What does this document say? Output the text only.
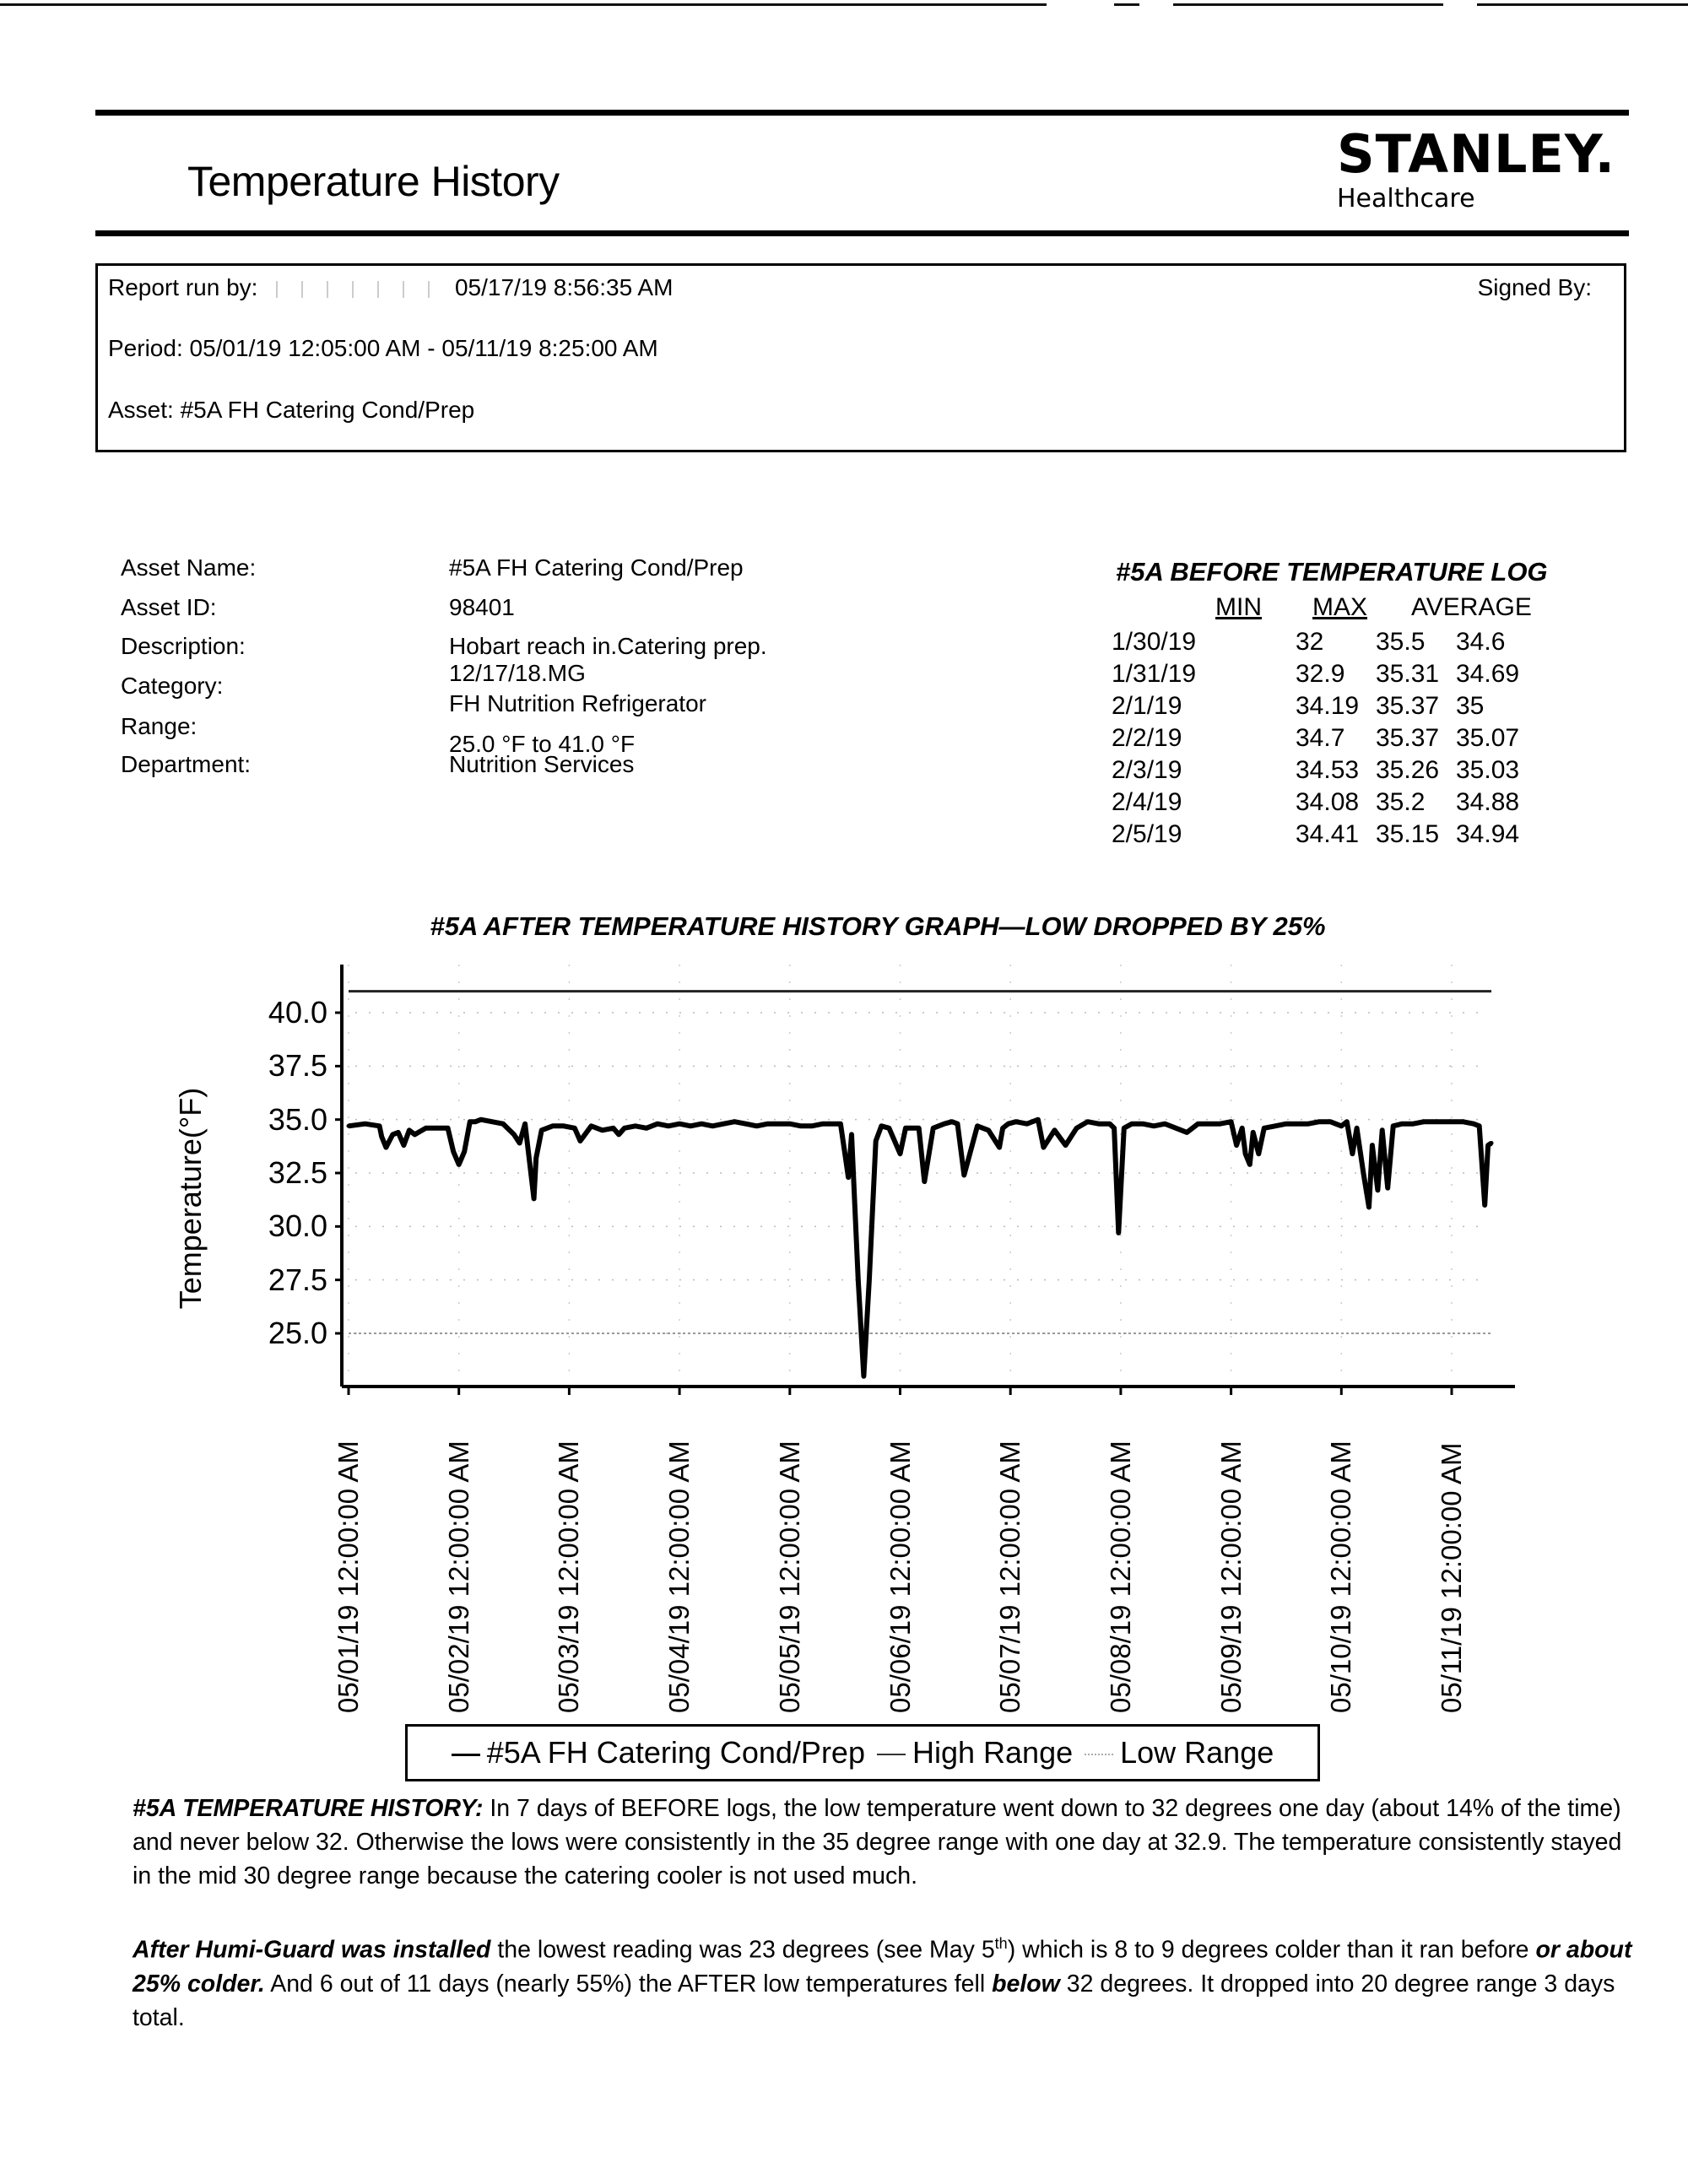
Temperature History	STANLEY.
Healthcare
Report run by:	05/17/19 8:56:35 AM	Signed By:
Period: 05/01/19 12:05:00 AM - 05/11/19 8:25:00 AM
Asset: #5A FH Catering Cond/Prep
Asset Name:	#5A FH Catering Cond/Prep
Asset ID:	98401
Description:	Hobart reach in.Catering prep.
12/17/18.MG
Category:
FH Nutrition Refrigerator
Range:
25.0 °F to 41.0 °F
Department:	Nutrition Services
#5A BEFORE TEMPERATURE LOG
MIN MAX AVERAGE
1/30/19	32 35.5 34.6
1/31/19	32.9 35.31 34.69
2/1/19	34.19 35.37 35
2/2/19	34.7 35.37 35.07
2/3/19	34.53 35.26 35.03
2/4/19	34.08 35.2 34.88
2/5/19	34.41 35.15 34.94
#5A AFTER TEMPERATURE HISTORY GRAPH—LOW DROPPED BY 25%
Temperature(°F)
40.0
37.5
35.0
32.5
30.0
27.5
25.0
05/01/19 12:00:00 AM	05/02/19 12:00:00 AM	05/03/19 12:00:00 AM	05/04/19 12:00:00 AM	05/05/19 12:00:00 AM	05/06/19 12:00:00 AM	05/07/19 12:00:00 AM	05/08/19 12:00:00 AM	05/09/19 12:00:00 AM	05/10/19 12:00:00 AM	05/11/19 12:00:00 AM
#5A FH Catering Cond/Prep	High Range	Low Range
#5A TEMPERATURE HISTORY: In 7 days of BEFORE logs, the low temperature went down to 32 degrees one day (about 14% of the time) and never below 32. Otherwise the lows were consistently in the 35 degree range with one day at 32.9. The temperature consistently stayed in the mid 30 degree range because the catering cooler is not used much.
After Humi-Guard was installed the lowest reading was 23 degrees (see May 5th) which is 8 to 9 degrees colder than it ran before or about 25% colder. And 6 out of 11 days (nearly 55%) the AFTER low temperatures fell below 32 degrees. It dropped into 20 degree range 3 days total.
